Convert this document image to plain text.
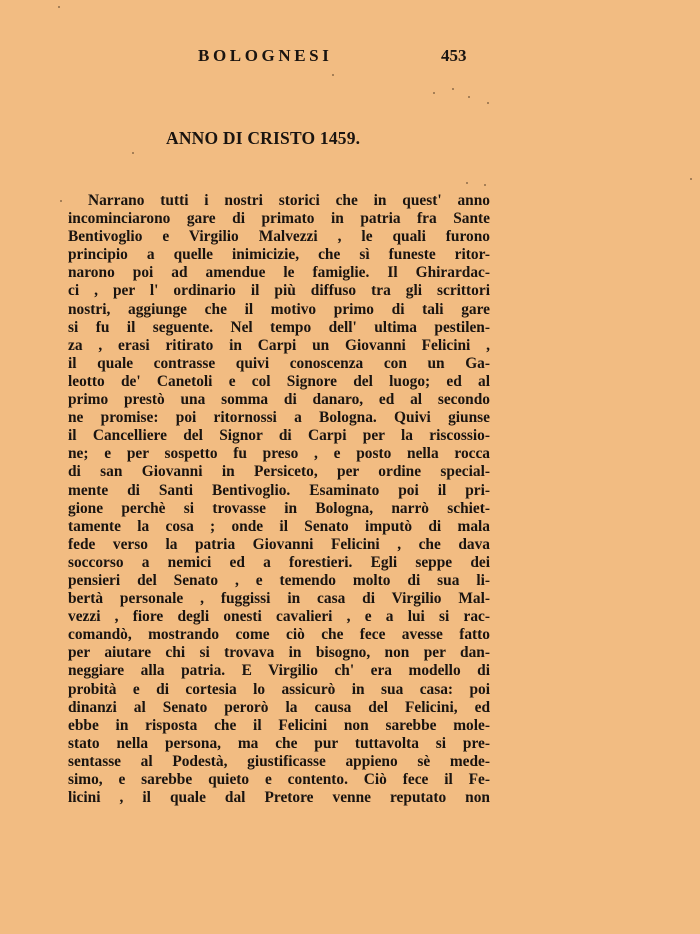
BOLOGNESI	453
ANNO DI CRISTO 1459.
Narrano tutti i nostri storici che in quest' anno
incominciarono gare di primato in patria fra Sante
Bentivoglio e Virgilio Malvezzi , le quali furono
principio a quelle inimicizie, che sì funeste ritor-
narono poi ad amendue le famiglie. Il Ghirardac-
ci , per l' ordinario il più diffuso tra gli scrittori
nostri, aggiunge che il motivo primo di tali gare
si fu il seguente. Nel tempo dell' ultima pestilen-
za , erasi ritirato in Carpi un Giovanni Felicini ,
il quale contrasse quivi conoscenza con un Ga-
leotto de' Canetoli e col Signore del luogo; ed al
primo prestò una somma di danaro, ed al secondo
ne promise: poi ritornossi a Bologna. Quivi giunse
il Cancelliere del Signor di Carpi per la riscossio-
ne; e per sospetto fu preso , e posto nella rocca
di san Giovanni in Persiceto, per ordine special-
mente di Santi Bentivoglio. Esaminato poi il pri-
gione perchè si trovasse in Bologna, narrò schiet-
tamente la cosa ; onde il Senato imputò di mala
fede verso la patria Giovanni Felicini , che dava
soccorso a nemici ed a forestieri. Egli seppe dei
pensieri del Senato , e temendo molto di sua li-
bertà personale , fuggissi in casa di Virgilio Mal-
vezzi , fiore degli onesti cavalieri , e a lui si rac-
comandò, mostrando come ciò che fece avesse fatto
per aiutare chi si trovava in bisogno, non per dan-
neggiare alla patria. E Virgilio ch' era modello di
probità e di cortesia lo assicurò in sua casa: poi
dinanzi al Senato perorò la causa del Felicini, ed
ebbe in risposta che il Felicini non sarebbe mole-
stato nella persona, ma che pur tuttavolta si pre-
sentasse al Podestà, giustificasse appieno sè mede-
simo, e sarebbe quieto e contento. Ciò fece il Fe-
licini , il quale dal Pretore venne reputato non
